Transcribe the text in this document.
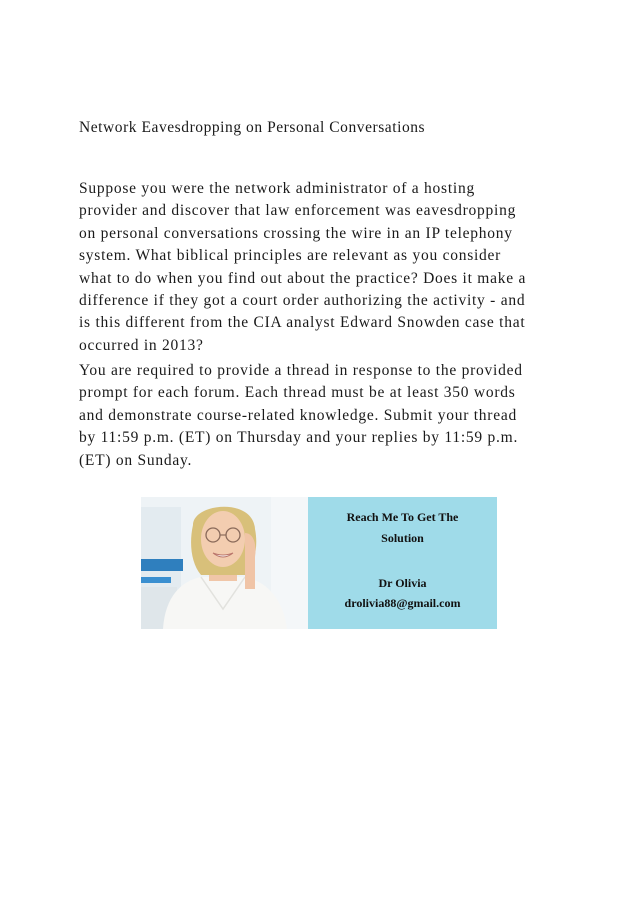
Network Eavesdropping on Personal Conversations

Suppose you were the network administrator of a hosting
provider and discover that law enforcement was eavesdropping
on personal conversations crossing the wire in an IP telephony
system. What biblical principles are relevant as you consider
what to do when you find out about the practice? Does it make a
difference if they got a court order authorizing the activity - and
is this different from the CIA analyst Edward Snowden case that
occurred in 2013?

You are required to provide a thread in response to the provided
prompt for each forum. Each thread must be at least 350 words
and demonstrate course-related knowledge. Submit your thread
by 11:59 p.m. (ET) on Thursday and your replies by 11:59 p.m.
(ET) on Sunday.

Reach Me To Get The
Solution
Dr Olivia
drolivia88@gmail.com
